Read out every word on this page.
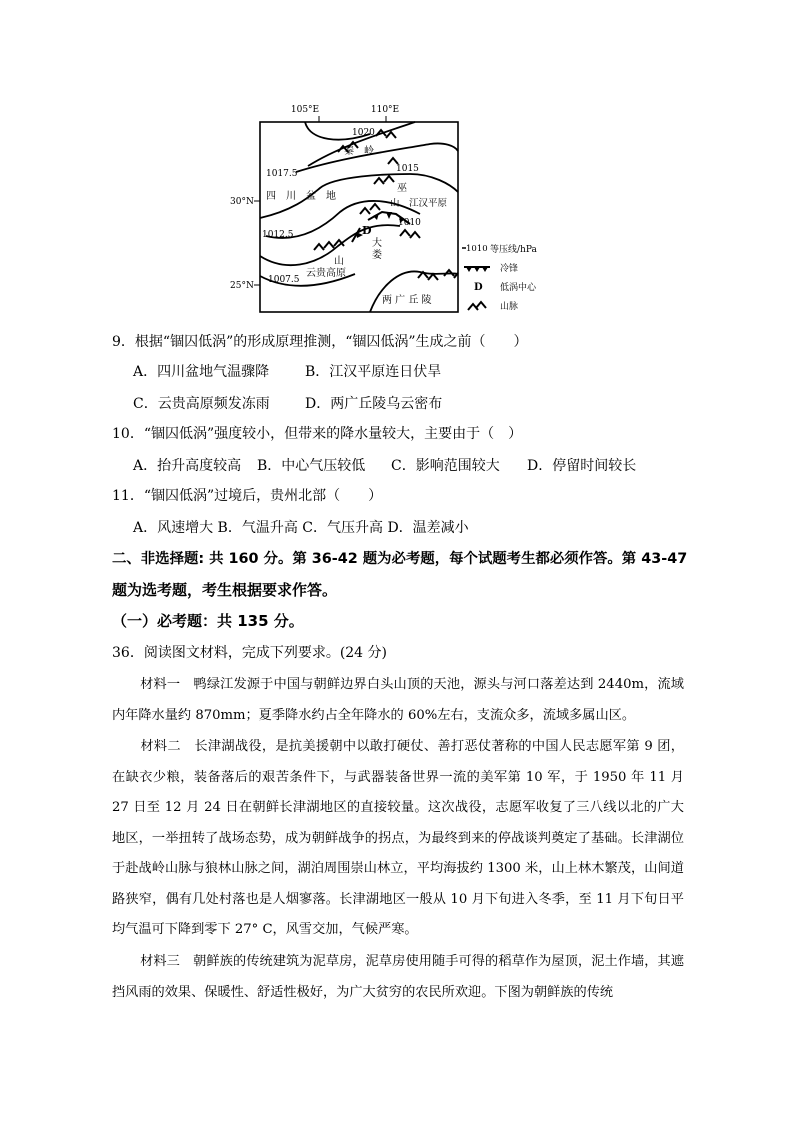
105°E	110°E
30°N
25°N
1020
1017.5	1015
1012.5
1010
1007.5
秦　岭
四　川　盆　地
巫
山　江汉平原
D
大
娄
山
云贵高原
两 广 丘 陵
1010 等压线/hPa
冷锋
D 低涡中心
山脉
9．根据“锢囚低涡”的形成原理推测，“锢囚低涡”生成之前（　　）
A．四川盆地气温骤降	B．江汉平原连日伏旱
C．云贵高原频发冻雨	D．两广丘陵乌云密布
10．“锢囚低涡”强度较小，但带来的降水量较大，主要由于（　）
A．抬升高度较高 B．中心气压较低 C．影响范围较大 D．停留时间较长
11．“锢囚低涡”过境后，贵州北部（　　）
A．风速增大 B．气温升高 C．气压升高 D．温差减小
二、非选择题: 共 160 分。第 36-42 题为必考题，每个试题考生都必须作答。第 43-47
题为选考题，考生根据要求作答。
（一）必考题：共 135 分。
36．阅读图文材料，完成下列要求。(24 分)

材料一　鸭绿江发源于中国与朝鲜边界白头山顶的天池，源头与河口落差达到 2440m，流域内年降水量约 870mm；夏季降水约占全年降水的 60%左右，支流众多，流域多属山区。

材料二　长津湖战役，是抗美援朝中以敢打硬仗、善打恶仗著称的中国人民志愿军第 9 团，在缺衣少粮，装备落后的艰苦条件下，与武器装备世界一流的美军第 10 军，于 1950 年 11 月 27 日至 12 月 24 日在朝鲜长津湖地区的直接较量。这次战役，志愿军收复了三八线以北的广大地区，一举扭转了战场态势，成为朝鲜战争的拐点，为最终到来的停战谈判奠定了基础。长津湖位于赴战岭山脉与狼林山脉之间，湖泊周围崇山林立，平均海拔约 1300 米，山上林木繁茂，山间道路狭窄，偶有几处村落也是人烟寥落。长津湖地区一般从 10 月下旬进入冬季，至 11 月下旬日平均气温可下降到零下 27° C，风雪交加，气候严寒。

材料三　朝鲜族的传统建筑为泥草房，泥草房使用随手可得的稻草作为屋顶，泥土作墙，其遮挡风雨的效果、保暖性、舒适性极好，为广大贫穷的农民所欢迎。下图为朝鲜族的传统
